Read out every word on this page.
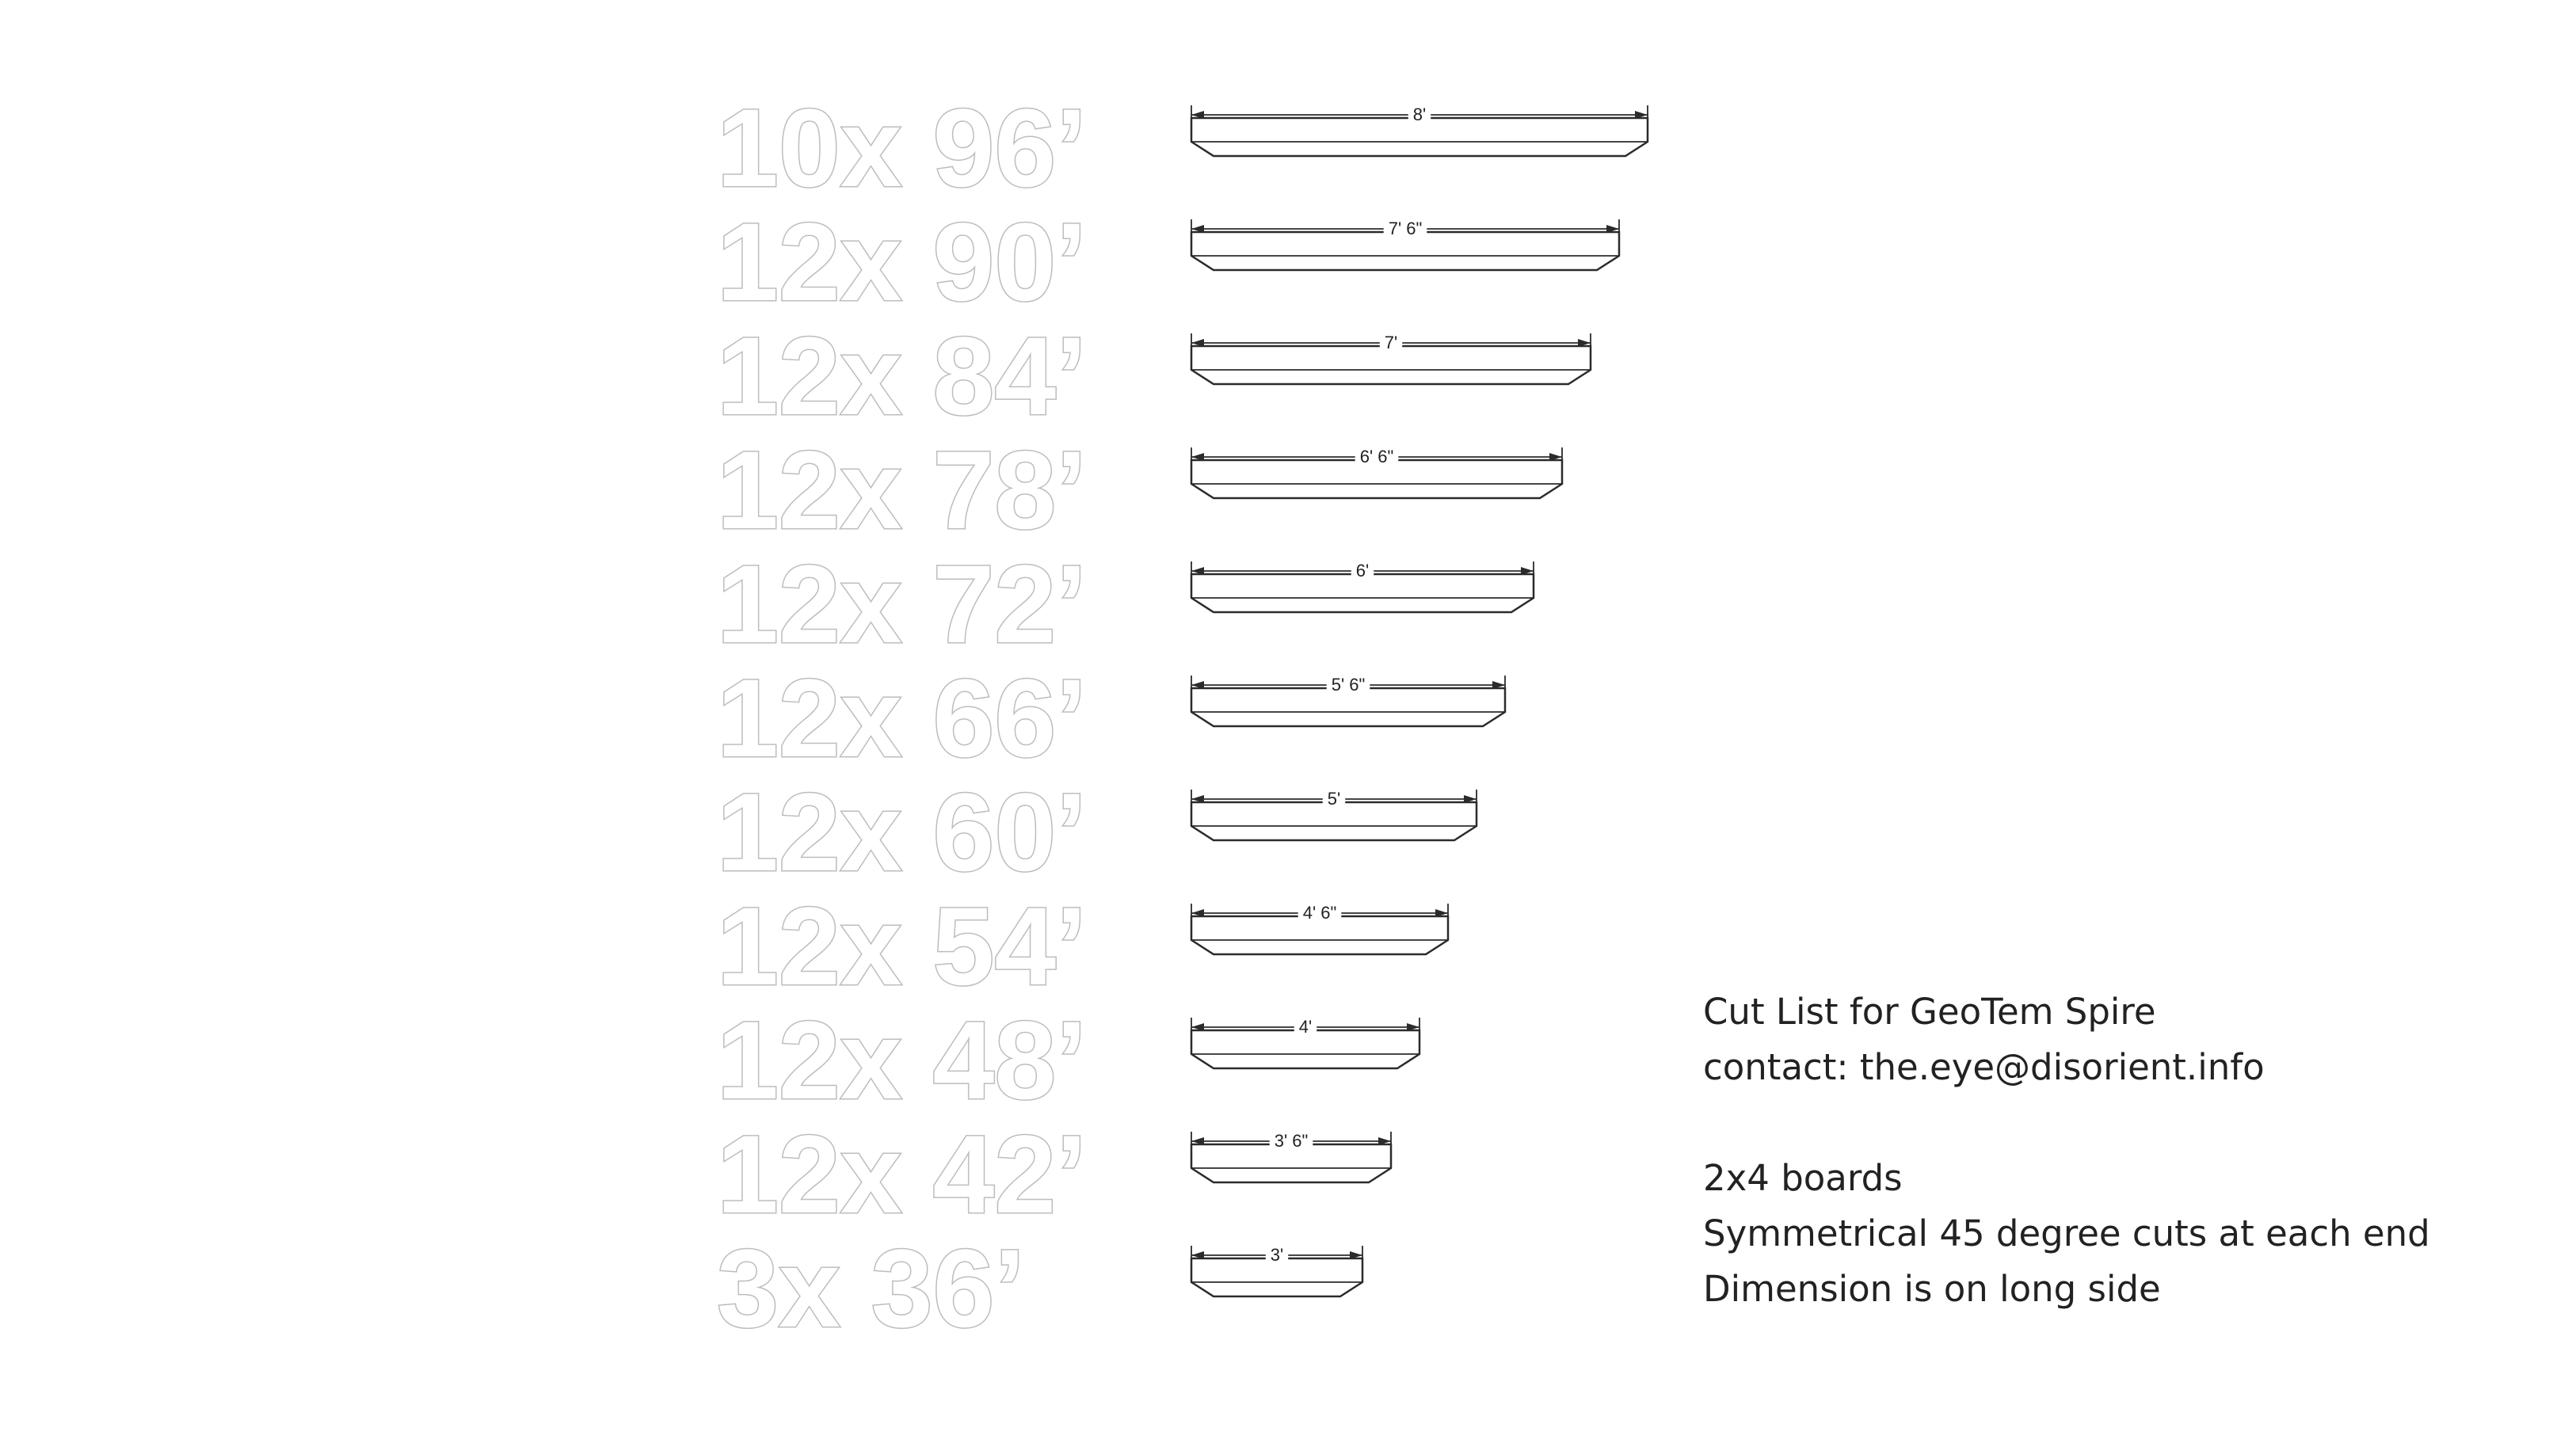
10x 96’	8'
12x 90’	7' 6"
12x 84’	7'
12x 78’	6' 6"
12x 72’	6'
12x 66’	5' 6"
12x 60’	5'
12x 54’	4' 6"
12x 48’	4'
12x 42’	3' 6"
3x 36’	3'
Cut List for GeoTem Spire
contact: the.eye@disorient.info
2x4 boards
Symmetrical 45 degree cuts at each end
Dimension is on long side
